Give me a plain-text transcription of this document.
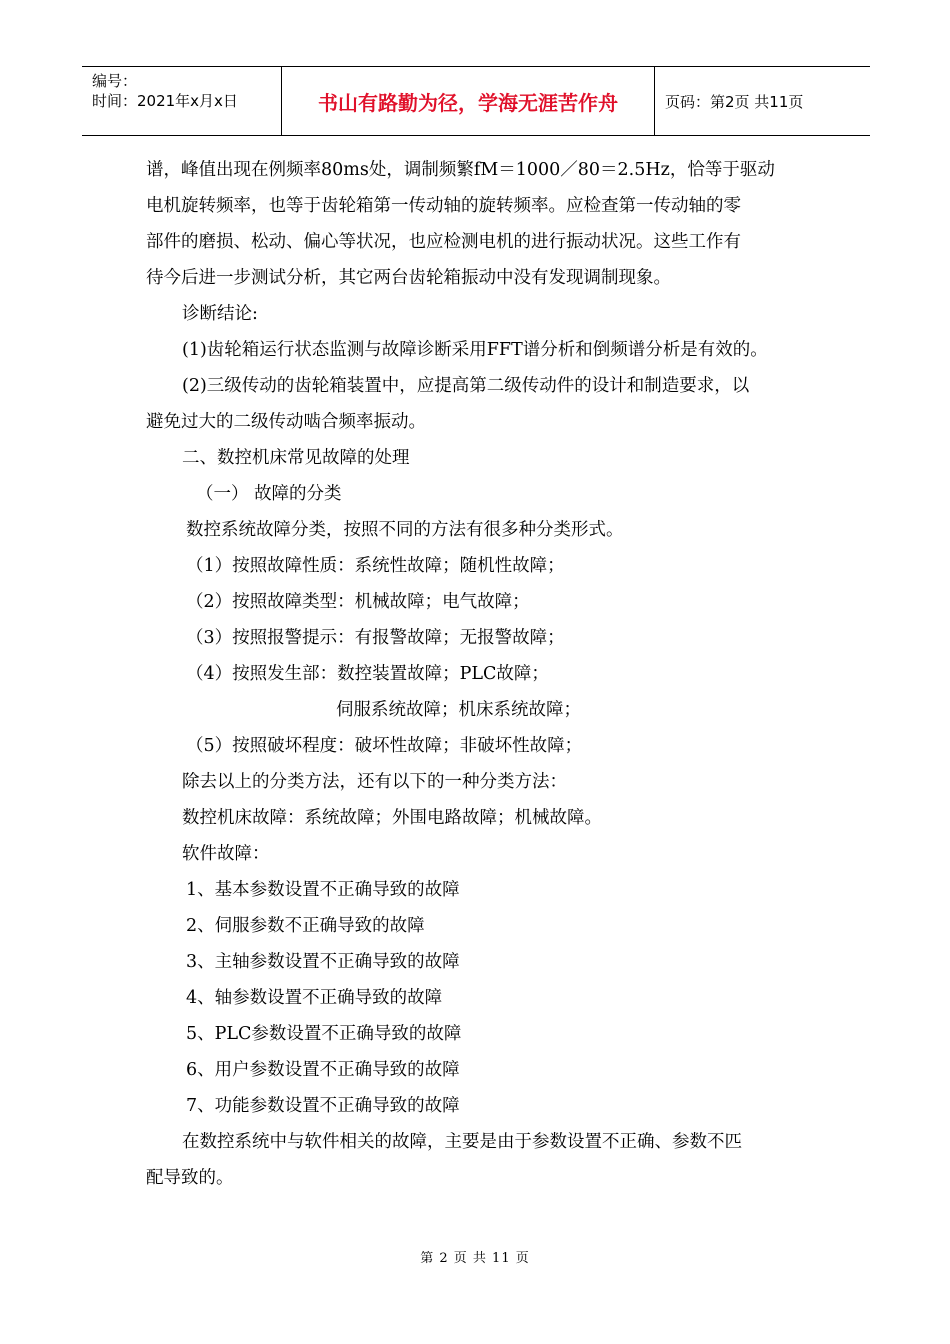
编号：
时间：2021年x月x日	书山有路勤为径，学海无涯苦作舟	页码：第2页 共11页
谱，峰值出现在例频率80ms处，调制频繁fM＝1000／80＝2.5Hz，恰等于驱动
电机旋转频率，也等于齿轮箱第一传动轴的旋转频率。应检查第一传动轴的零
部件的磨损、松动、偏心等状况，也应检测电机的进行振动状况。这些工作有
待今后进一步测试分析，其它两台齿轮箱振动中没有发现调制现象。
诊断结论:
(1)齿轮箱运行状态监测与故障诊断采用FFT谱分析和倒频谱分析是有效的。
(2)三级传动的齿轮箱装置中，应提高第二级传动件的设计和制造要求，以
避免过大的二级传动啮合频率振动。
二、数控机床常见故障的处理
（一） 故障的分类
数控系统故障分类，按照不同的方法有很多种分类形式。
（1）按照故障性质：系统性故障；随机性故障；
（2）按照故障类型：机械故障；电气故障；
（3）按照报警提示：有报警故障；无报警故障；
（4）按照发生部：数控装置故障；PLC故障；
伺服系统故障；机床系统故障；
（5）按照破坏程度：破坏性故障；非破坏性故障；
除去以上的分类方法，还有以下的一种分类方法：
数控机床故障：系统故障；外围电路故障；机械故障。
软件故障：
1、基本参数设置不正确导致的故障
2、伺服参数不正确导致的故障
3、主轴参数设置不正确导致的故障
4、轴参数设置不正确导致的故障
5、PLC参数设置不正确导致的故障
6、用户参数设置不正确导致的故障
7、功能参数设置不正确导致的故障
在数控系统中与软件相关的故障，主要是由于参数设置不正确、参数不匹
配导致的。
第 2 页 共 11 页
